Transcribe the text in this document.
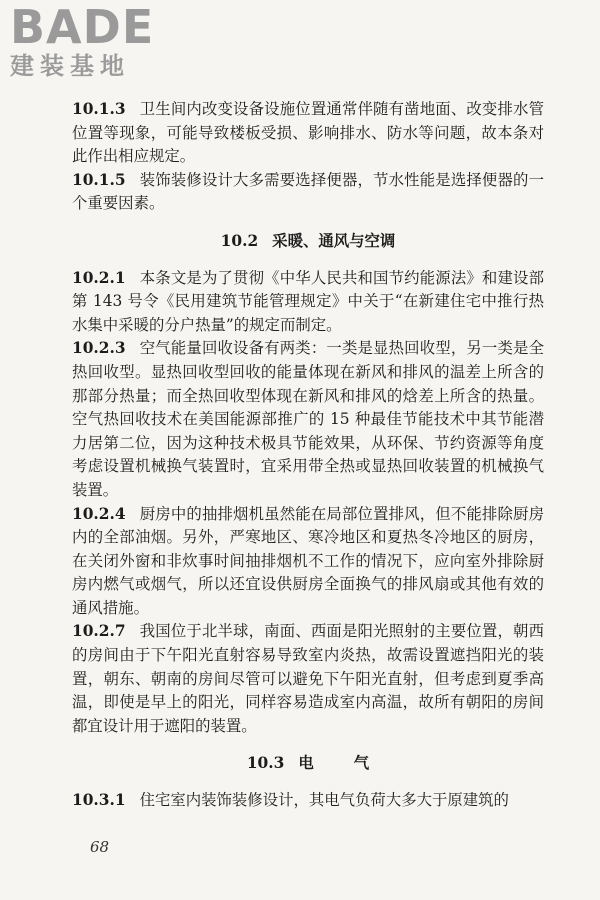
BADE
建装基地

10.1.3 卫生间内改变设备设施位置通常伴随有凿地面、改变排水管位置等现象，可能导致楼板受损、影响排水、防水等问题，故本条对此作出相应规定。

10.1.5 装饰装修设计大多需要选择便器，节水性能是选择便器的一个重要因素。

10.2 采暖、通风与空调

10.2.1 本条文是为了贯彻《中华人民共和国节约能源法》和建设部第 143 号令《民用建筑节能管理规定》中关于“在新建住宅中推行热水集中采暖的分户热量”的规定而制定。

10.2.3 空气能量回收设备有两类：一类是显热回收型，另一类是全热回收型。显热回收型回收的能量体现在新风和排风的温差上所含的那部分热量；而全热回收型体现在新风和排风的焓差上所含的热量。空气热回收技术在美国能源部推广的 15 种最佳节能技术中其节能潜力居第二位，因为这种技术极具节能效果，从环保、节约资源等角度考虑设置机械换气装置时，宜采用带全热或显热回收装置的机械换气装置。

10.2.4 厨房中的抽排烟机虽然能在局部位置排风，但不能排除厨房内的全部油烟。另外，严寒地区、寒冷地区和夏热冬冷地区的厨房，在关闭外窗和非炊事时间抽排烟机不工作的情况下，应向室外排除厨房内燃气或烟气，所以还宜设供厨房全面换气的排风扇或其他有效的通风措施。

10.2.7 我国位于北半球，南面、西面是阳光照射的主要位置，朝西的房间由于下午阳光直射容易导致室内炎热，故需设置遮挡阳光的装置，朝东、朝南的房间尽管可以避免下午阳光直射，但考虑到夏季高温，即使是早上的阳光，同样容易造成室内高温，故所有朝阳的房间都宜设计用于遮阳的装置。

10.3 电	气

10.3.1 住宅室内装饰装修设计，其电气负荷大多大于原建筑的

68
